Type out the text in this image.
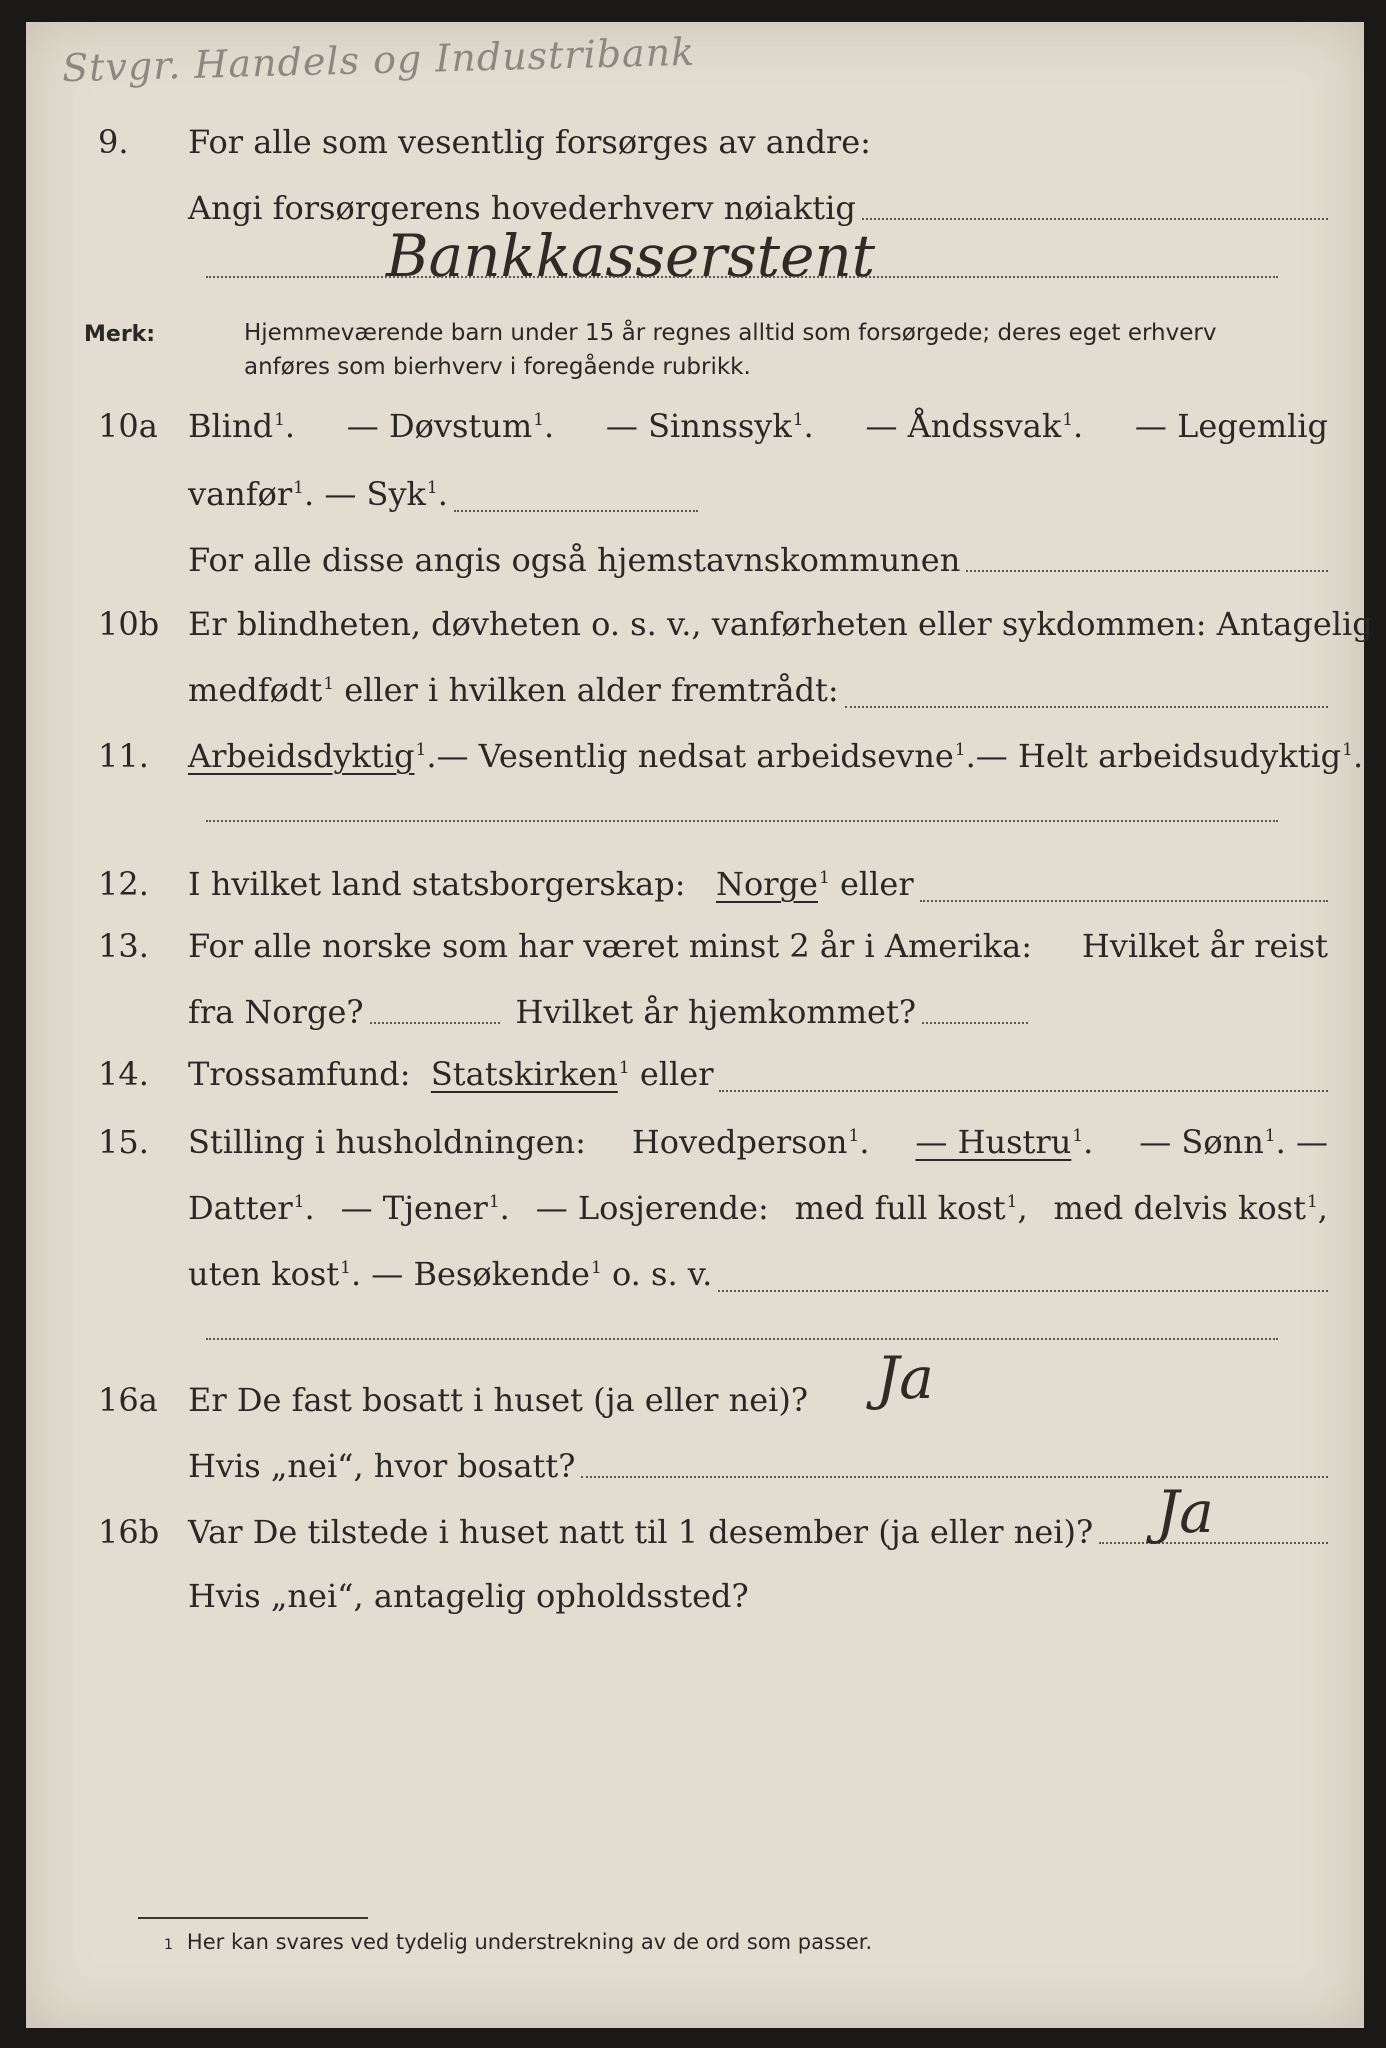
Stvgr. Handels og Industribank
9.	For alle som vesentlig forsørges av andre:
Angi forsørgerens hovederhverv nøiaktig
Bankkasserstent
Merk:	Hjemmeværende barn under 15 år regnes alltid som forsørgede; deres eget erhverv
anføres som bierhverv i foregående rubrikk.
10a Blind$^1$. — Døvstum$^1$. — Sinnssyk$^1$. — Åndssvak$^1$. — Legemlig
vanfør$^1$.
— Syk$^1$.
For alle disse angis også hjemstavnskommunen
10b Er blindheten, døvheten o. s. v., vanførheten eller sykdommen: Antagelig
medfødt$^1$
eller i hvilken alder fremtrådt:
11.	Arbeidsdyktig$^1$. — Vesentlig nedsat arbeidsevne$^1$. — Helt arbeidsudyktig$^1$.
12.	I hvilket land statsborgerskap:
Norge$^1$
eller
13.	For alle norske som har været minst 2 år i Amerika: Hvilket år reist
fra Norge?	Hvilket år hjemkommet?
14.	Trossamfund:
Statskirken$^1$
eller
15.	Stilling i husholdningen: Hovedperson$^1$. — Hustru$^1$. — Sønn$^1$. —
Datter$^1$. — Tjener$^1$. — Losjerende: med full kost$^1$, med delvis kost$^1$,
uten kost$^1$.
— Besøkende$^1$
o. s. v.
16a Er De fast bosatt i huset (ja eller nei)? Ja
Hvis „nei“, hvor bosatt?
16b Var De tilstede i huset natt til 1 desember (ja eller nei)? Ja
Hvis „nei“, antagelig opholdssted?
1 Her kan svares ved tydelig understrekning av de ord som passer.
